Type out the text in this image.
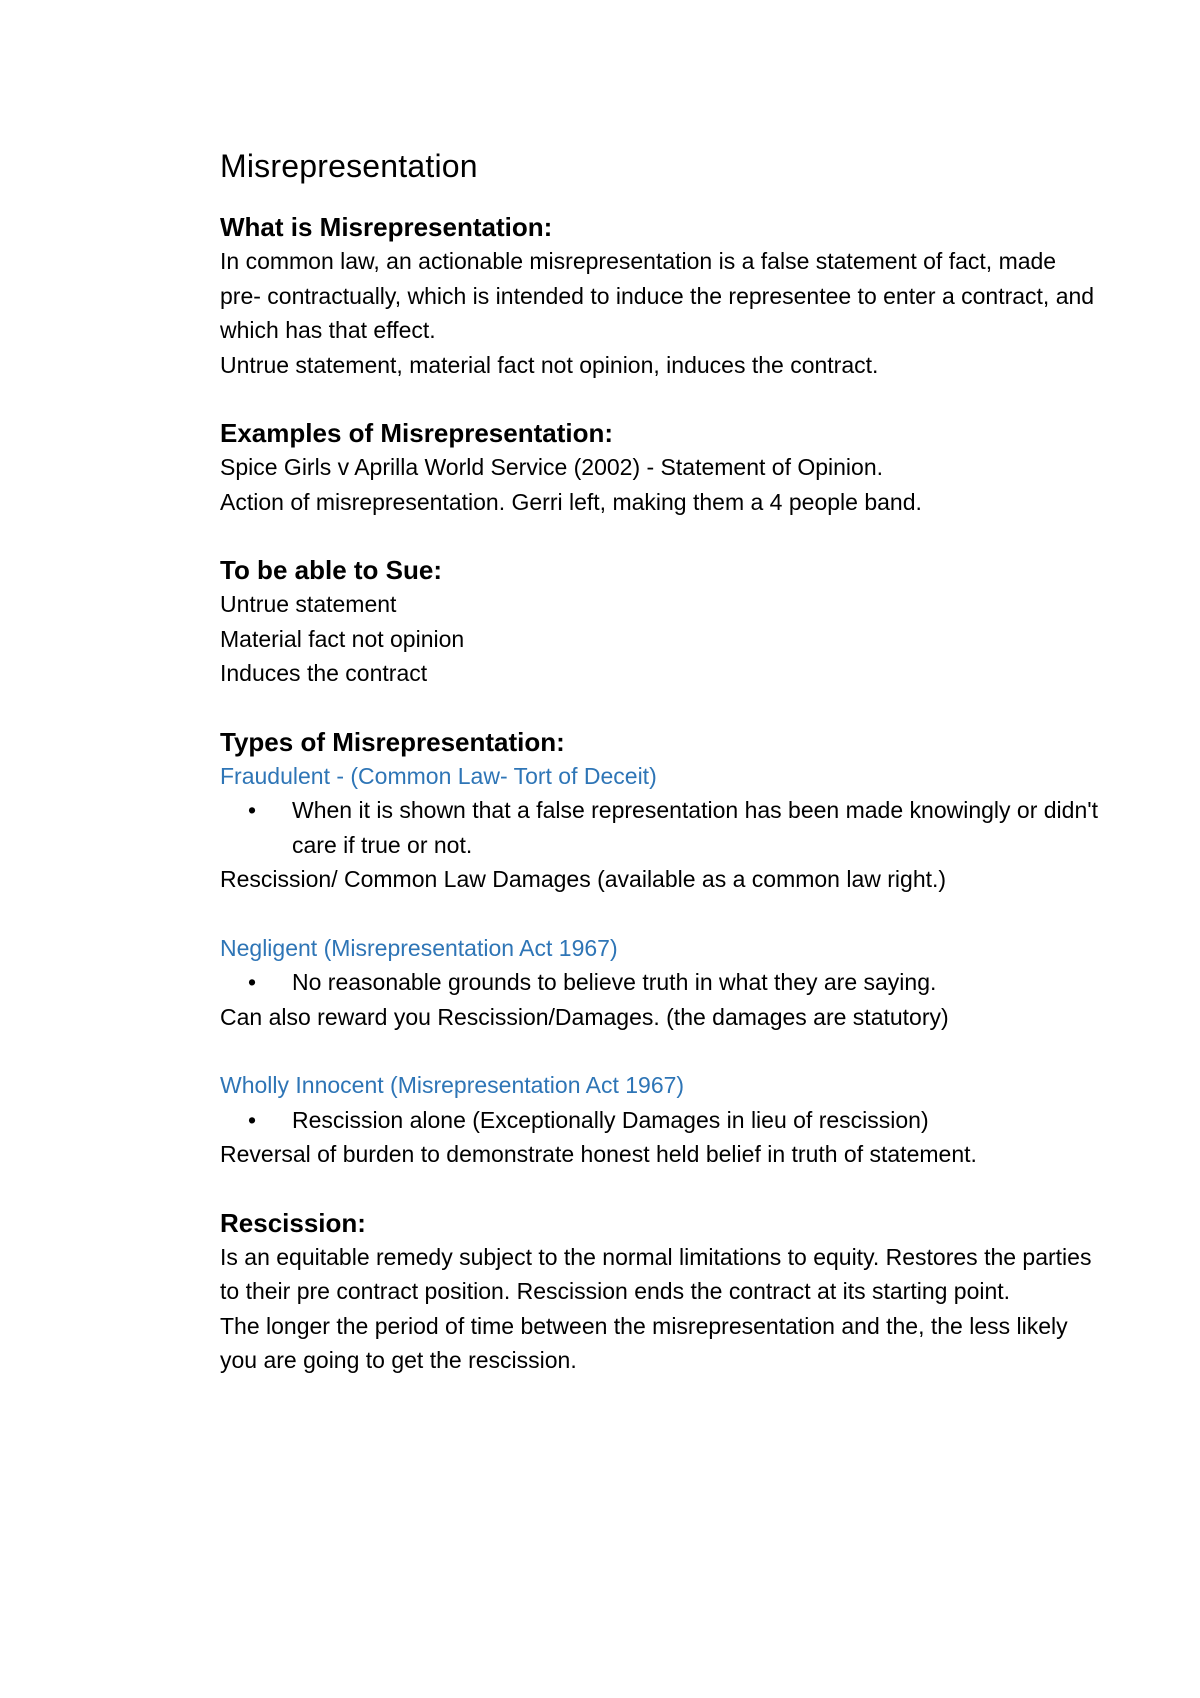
Misrepresentation
What is Misrepresentation:

In common law, an actionable misrepresentation is a false statement of fact, made pre- contractually, which is intended to induce the representee to enter a contract, and which has that effect.

Untrue statement, material fact not opinion, induces the contract.

Examples of Misrepresentation:
Spice Girls v Aprilla World Service (2002) - Statement of Opinion.
Action of misrepresentation. Gerri left, making them a 4 people band.
To be able to Sue:
Untrue statement
Material fact not opinion
Induces the contract
Types of Misrepresentation:
Fraudulent - (Common Law- Tort of Deceit)
• When it is shown that a false representation has been made knowingly or didn't care if true or not.
Rescission/ Common Law Damages (available as a common law right.)
Negligent (Misrepresentation Act 1967)
• No reasonable grounds to believe truth in what they are saying.
Can also reward you Rescission/Damages. (the damages are statutory)
Wholly Innocent (Misrepresentation Act 1967)
• Rescission alone (Exceptionally Damages in lieu of rescission)
Reversal of burden to demonstrate honest held belief in truth of statement.
Rescission:

Is an equitable remedy subject to the normal limitations to equity. Restores the parties to their pre contract position. Rescission ends the contract at its starting point.

The longer the period of time between the misrepresentation and the, the less likely you are going to get the rescission.
